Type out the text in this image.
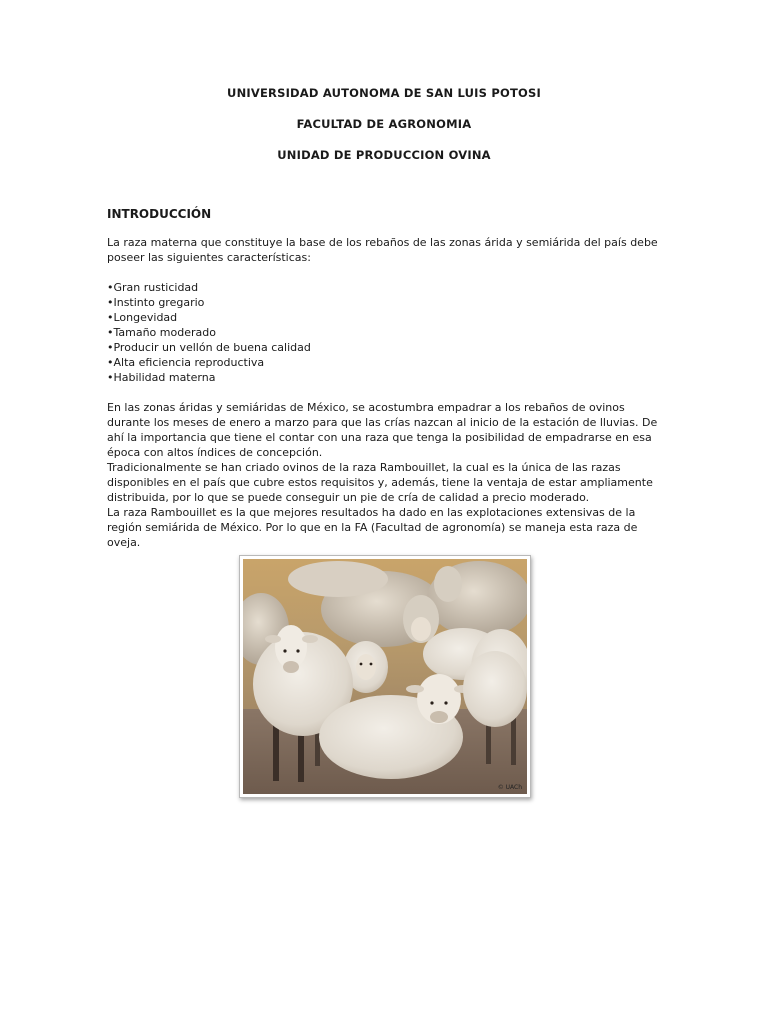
UNIVERSIDAD AUTONOMA DE SAN LUIS POTOSI
FACULTAD DE AGRONOMIA
UNIDAD DE PRODUCCION OVINA
INTRODUCCIÓN

La raza materna que constituye la base de los rebaños de las zonas árida y semiárida del país debe poseer las siguientes características:

•Gran rusticidad
•Instinto gregario
•Longevidad
•Tamaño moderado
•Producir un vellón de buena calidad
•Alta eficiencia reproductiva
•Habilidad materna

En las zonas áridas y semiáridas de México, se acostumbra empadrar a los rebaños de ovinos durante los meses de enero a marzo para que las crías nazcan al inicio de la estación de lluvias. De ahí la importancia que tiene el contar con una raza que tenga la posibilidad de empadrarse en esa época con altos índices de concepción.

Tradicionalmente se han criado ovinos de la raza Rambouillet, la cual es la única de las razas disponibles en el país que cubre estos requisitos y, además, tiene la ventaja de estar ampliamente distribuida, por lo que se puede conseguir un pie de cría de calidad a precio moderado.

La raza Rambouillet es la que mejores resultados ha dado en las explotaciones extensivas de la región semiárida de México. Por lo que en la FA (Facultad de agronomía) se maneja esta raza de oveja.

© UACh
